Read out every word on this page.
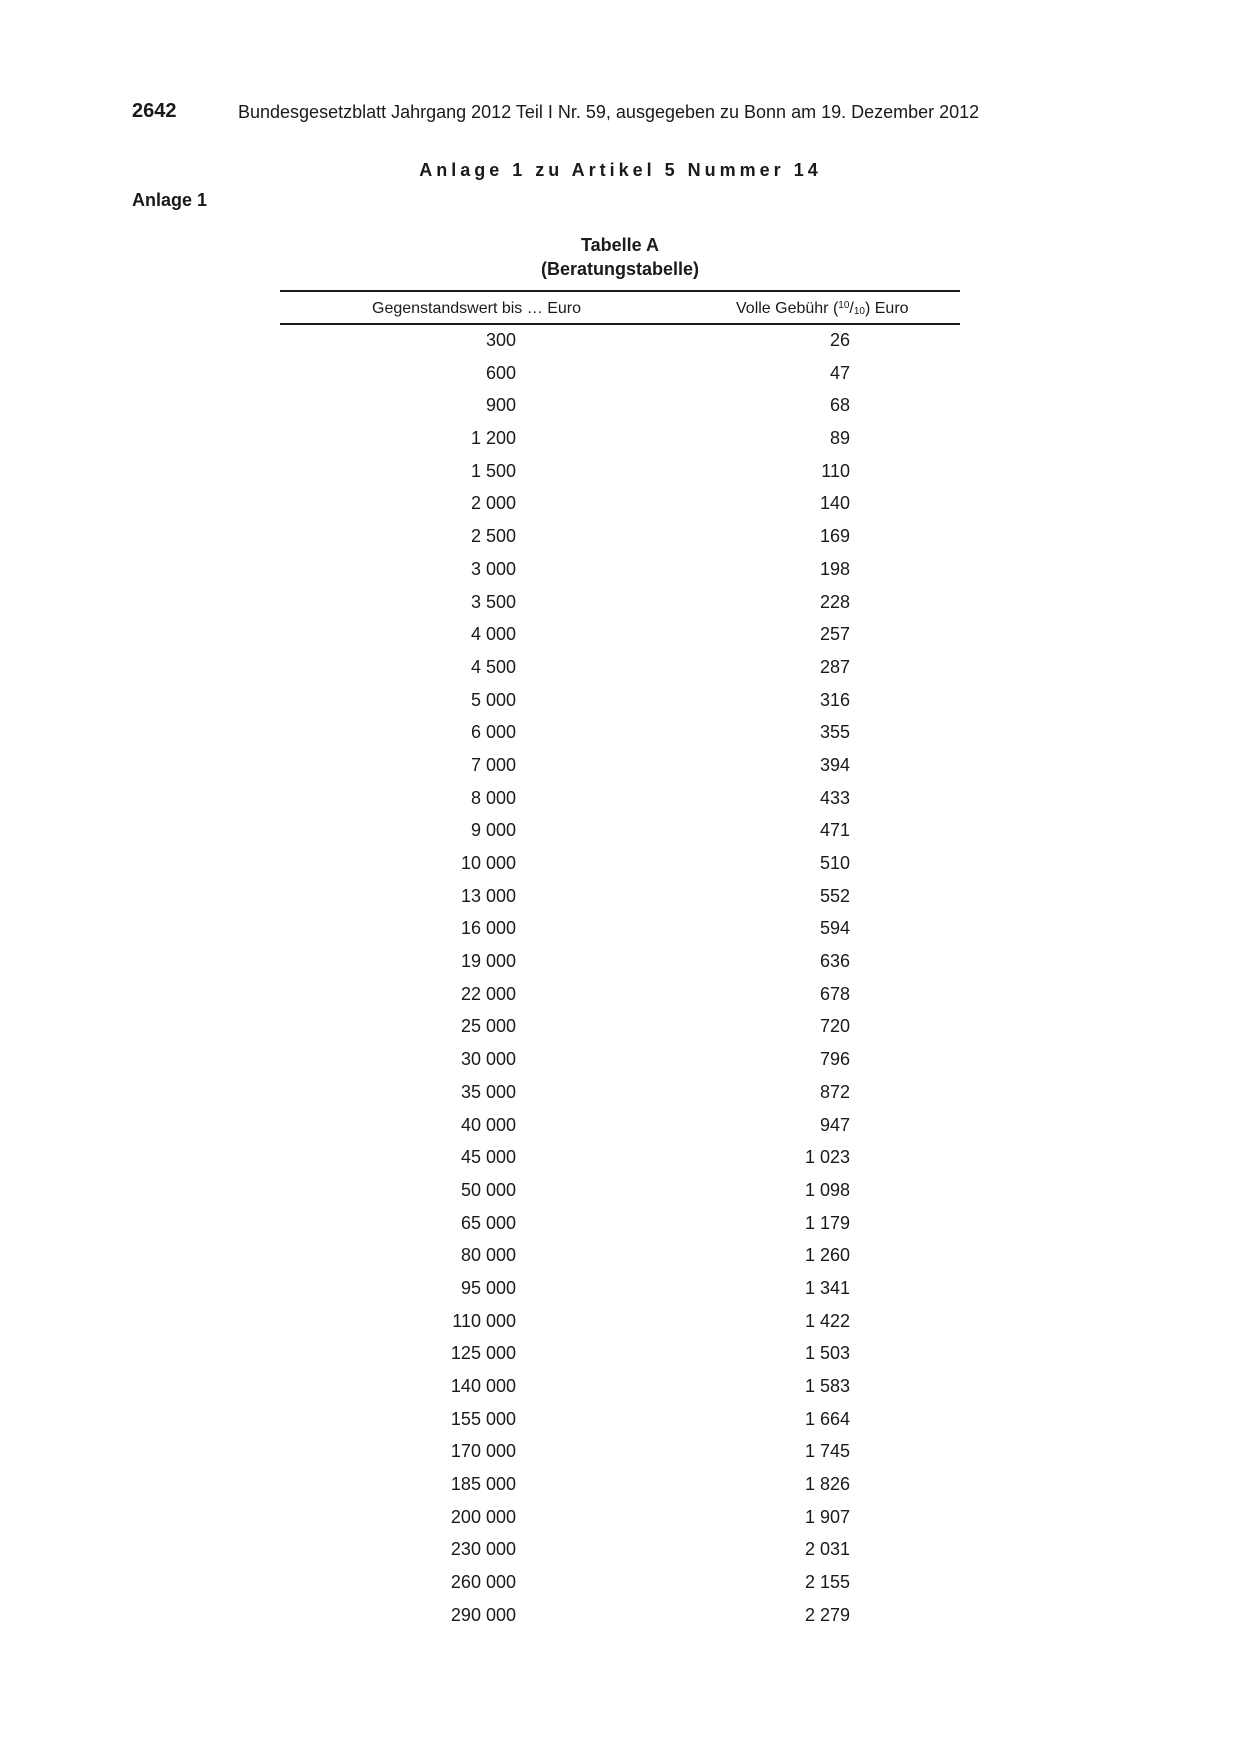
2642	Bundesgesetzblatt Jahrgang 2012 Teil I Nr. 59, ausgegeben zu Bonn am 19. Dezember 2012
Anlage 1 zu Artikel 5 Nummer 14
Anlage 1
Tabelle A
(Beratungstabelle)
Gegenstandswert bis … Euro	Volle Gebühr $(^{10}/_{10})$ Euro
300	26
600	47
900	68
1 200	89
1 500	110
2 000	140
2 500	169
3 000	198
3 500	228
4 000	257
4 500	287
5 000	316
6 000	355
7 000	394
8 000	433
9 000	471
10 000	510
13 000	552
16 000	594
19 000	636
22 000	678
25 000	720
30 000	796
35 000	872
40 000	947
45 000	1 023
50 000	1 098
65 000	1 179
80 000	1 260
95 000	1 341
110 000	1 422
125 000	1 503
140 000	1 583
155 000	1 664
170 000	1 745
185 000	1 826
200 000	1 907
230 000	2 031
260 000	2 155
290 000	2 279
